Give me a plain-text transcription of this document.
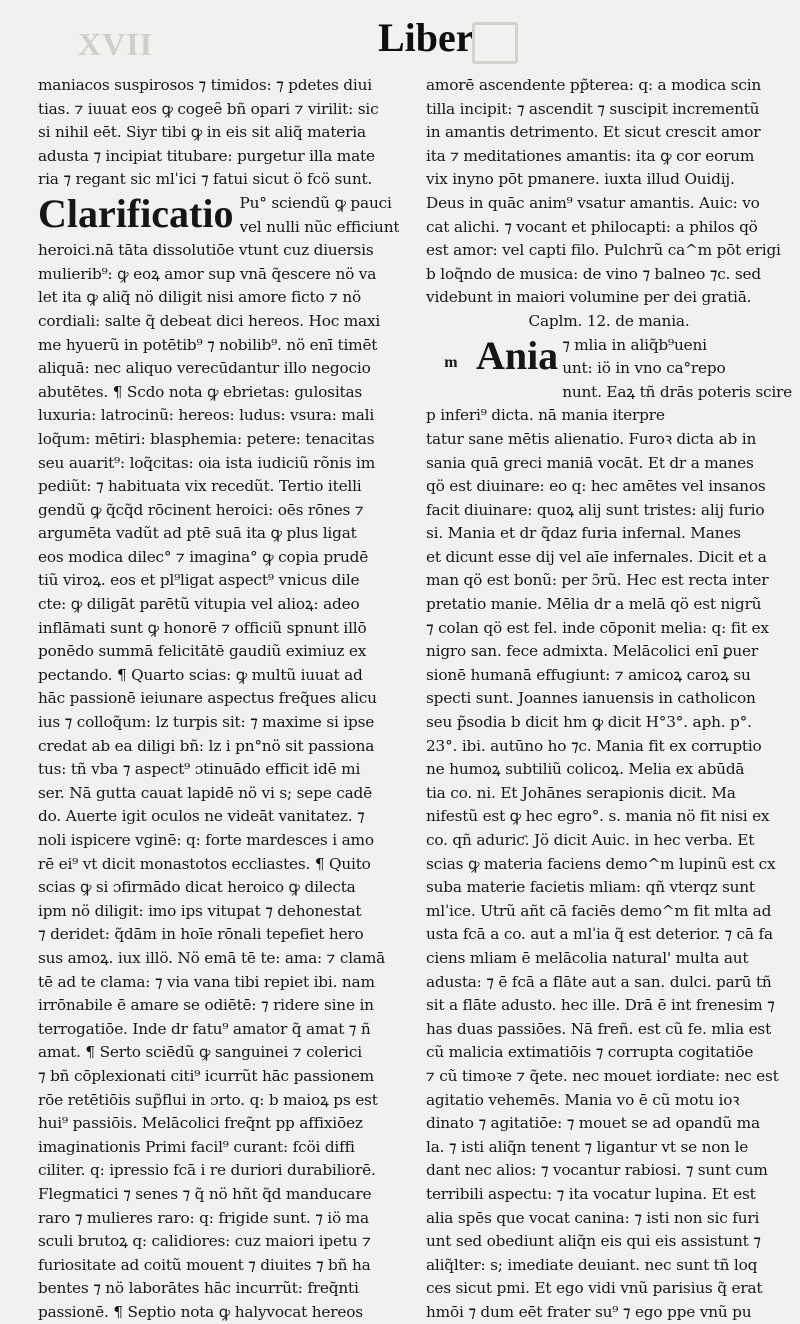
XVII	Liber
maniacos suspirosos ⁊ timidos: ⁊ pdetes diui
tias. ⁊ iuuat eos ꝙ cogeȇ bñ opari ⁊ virilit: sic
si nihil eēt. Siyr tibi ꝙ in eis sit aliq̃ materia
adusta ⁊ incipiat titubare: purgetur illa mate
ria ⁊ regant sic mlˈici ⁊ fatui sicut ö fcö sunt.
Clarificatio Pu° sciendũ ꝙ pauci
vel nulli nũc efficiunt
heroici.nā tāta dissolutiōe vtunt cuz diuersis
mulierib⁹: ꝙ eoꝝ amor sup vnā q̃escere nö va
let ita ꝙ aliq̃ nö diligit nisi amore ficto ⁊ nö
cordiali: salte q̃ debeat dici hereos. Hoc maxi
me hyuerũ in potētib⁹ ⁊ nobilib⁹. nö enī timēt
aliquā: nec aliquo verecūdantur illo negocio
abutētes. ¶ Scdo nota ꝙ ebrietas: gulositas
luxuria: latrocinũ: hereos: ludus: vsura: mali
loq̃um: mētiri: blasphemia: petere: tenacitas
seu auarit⁹: loq̃citas: oia ista iudiciũ rõnis im
pediũt: ⁊ habituata vix recedũt. Tertio itelli
gendũ ꝙ q̃cq̃d rōcinent heroici: oēs rōnes ⁊
argumēta vadũt ad ptē suā ita ꝙ plus ligat
eos modica dilec° ⁊ imagina° ꝙ copia prudē
tiũ viroꝝ. eos et pl⁹ligat aspect⁹ vnicus dile
cte: ꝙ diligāt parētũ vitupia vel alioꝝ: adeo
inflāmati sunt ꝙ honorē ⁊ officiũ spnunt illō
ponēdo summā felicitātē gaudiũ eximiuz ex
pectando. ¶ Quarto scias: ꝙ multũ iuuat ad
hāc passionē ieiunare aspectus freq̃ues alicu
ius ⁊ colloq̃um: lz turpis sit: ⁊ maxime si ipse
credat ab ea diligi bñ: lz i pn°nö sit passiona
tus: tñ vba ⁊ aspect⁹ ɔtinuādo efficit idē mi
ser. Nā gutta cauat lapidē nö vi s; sepe cadē
do. Auerte igit oculos ne videāt vanitatez. ⁊
noli ispicere vginē: q: forte mardesces i amo
rē ei⁹ vt dicit monastotos eccliastes. ¶ Quito
scias ꝙ si ɔfirmādo dicat heroico ꝙ dilecta
ipm nö diligit: imo ips vitupat ⁊ dehonestat
⁊ deridet: q̃dām in hoīe rōnali tepefiet hero
sus amoꝝ. iux illö. Nö emā tē te: ama: ⁊ clamā
tē ad te clama: ⁊ via vana tibi repiet ibi. nam
irrōnabile ē amare se odiētē: ⁊ ridere sine in
terrogatiōe. Inde dr fatu⁹ amator q̃ amat ⁊ ñ
amat. ¶ Serto sciēdũ ꝙ sanguinei ⁊ colerici
⁊ bñ cōplexionati citi⁹ icurrũt hāc passionem
rōe retētiōis sup̃flui in ɔrto. q: b maioꝝ ps est
hui⁹ passiōis. Melācolici freq̃nt pp affixiōez
imaginationis Primi facil⁹ curant: fcöi diffi
ciliter. q: ipressio fcā i re duriori durabiliorē.
Flegmatici ⁊ senes ⁊ q̃ nö hñt q̃d manducare
raro ⁊ mulieres raro: q: frigide sunt. ⁊ iö ma
sculi brutoꝝ q: calidiores: cuz maiori ipetu ⁊
furiositate ad coitũ mouent ⁊ diuites ⁊ bñ ha
bentes ⁊ nö laborātes hāc incurrũt: freq̃nti
passionē. ¶ Septio nota ꝙ halyvocat hereos
amorē ascendente pp̃terea: q: a modica scin
tilla incipit: ⁊ ascendit ⁊ suscipit incrementũ
in amantis detrimento. Et sicut crescit amor
ita ⁊ meditationes amantis: ita ꝙ cor eorum
vix inyno pōt pmanere. iuxta illud Ouidij.
Deus in quāc anim⁹ vsatur amantis. Auic: vo
cat alichi. ⁊ vocant et philocapti: a philos qö
est amor: vel capti filo. Pulchrũ ca^m pōt erigi
b loq̃ndo de musica: de vino ⁊ balneo ⁊c. sed
videbunt in maiori volumine per dei gratiā.
Caplm. 12. de mania.
m Ania ⁊ mlia in aliq̃b⁹ueni
unt: iö in vno ca°repo
nunt. Eaꝝ tñ drās poteris scire
p inferi⁹ dicta. nā mania iterpre
tatur sane mētis alienatio. Furoꝛ dicta ab in
sania quā greci maniā vocāt. Et dr a manes
qö est diuinare: eo q: hec amētes vel insanos
facit diuinare: quoꝝ alij sunt tristes: alij furio
si. Mania et dr q̃daz furia infernal. Manes
et dicunt esse dij vel aīe infernales. Dicit et a
man qö est bonũ: per ɔ̃rũ. Hec est recta inter
pretatio manie. Mēlia dr a melā qö est nigrũ
⁊ colan qö est fel. inde cōponit melia: q: fit ex
nigro san. fece admixta. Melācolici enī ꝑuer
sionē humanā effugiunt: ⁊ amicoꝝ caroꝝ su
specti sunt. Joannes ianuensis in catholicon
seu p̃sodia b dicit hm ꝙ dicit H°3°. aph. p°.
23°. ibi. autūno ho ⁊c. Mania fit ex corruptio
ne humoꝝ subtiliũ colicoꝝ. Melia ex abūdā
tia co. ni. Et Johānes serapionis dicit. Ma
nifestũ est ꝙ hec egro°. s. mania nö fit nisi ex
co. qñ aduriƈ. Jö dicit Auic. in hec verba. Et
scias ꝙ materia faciens demo^m lupinũ est cx
suba materie facietis mliam: qñ vterqz sunt
mlˈice. Utrũ añt cā faciēs demo^m fit mlta ad
usta fcā a co. aut a mlˈia q̃ est deterior. ⁊ cā fa
ciens mliam ē melācolia natural' multa aut
adusta: ⁊ ē fcā a flāte aut a san. dulci. parū tñ
sit a flāte adusto. hec ille. Drā ē int frenesim ⁊
has duas passiōes. Nā freñ. est cũ fe. mlia est
cũ malicia extimatiōis ⁊ corrupta cogitatiōe
⁊ cũ timoꝛe ⁊ q̃ete. nec mouet iordiate: nec est
agitatio vehemēs. Mania vo ē cũ motu ioꝛ
dinato ⁊ agitatiōe: ⁊ mouet se ad opandũ ma
la. ⁊ isti aliq̃n tenent ⁊ ligantur vt se non le
dant nec alios: ⁊ vocantur rabiosi. ⁊ sunt cum
terribili aspectu: ⁊ ita vocatur lupina. Et est
alia spēs que vocat canina: ⁊ isti non sic furi
unt sed obediunt aliq̃n eis qui eis assistunt ⁊
aliq̃lter: s; imediate deuiant. nec sunt tñ loq
ces sicut pmi. Et ego vidi vnũ parisius q̃ erat
hmōi ⁊ dum eēt frater su⁹ ⁊ ego ppe vnũ pu
